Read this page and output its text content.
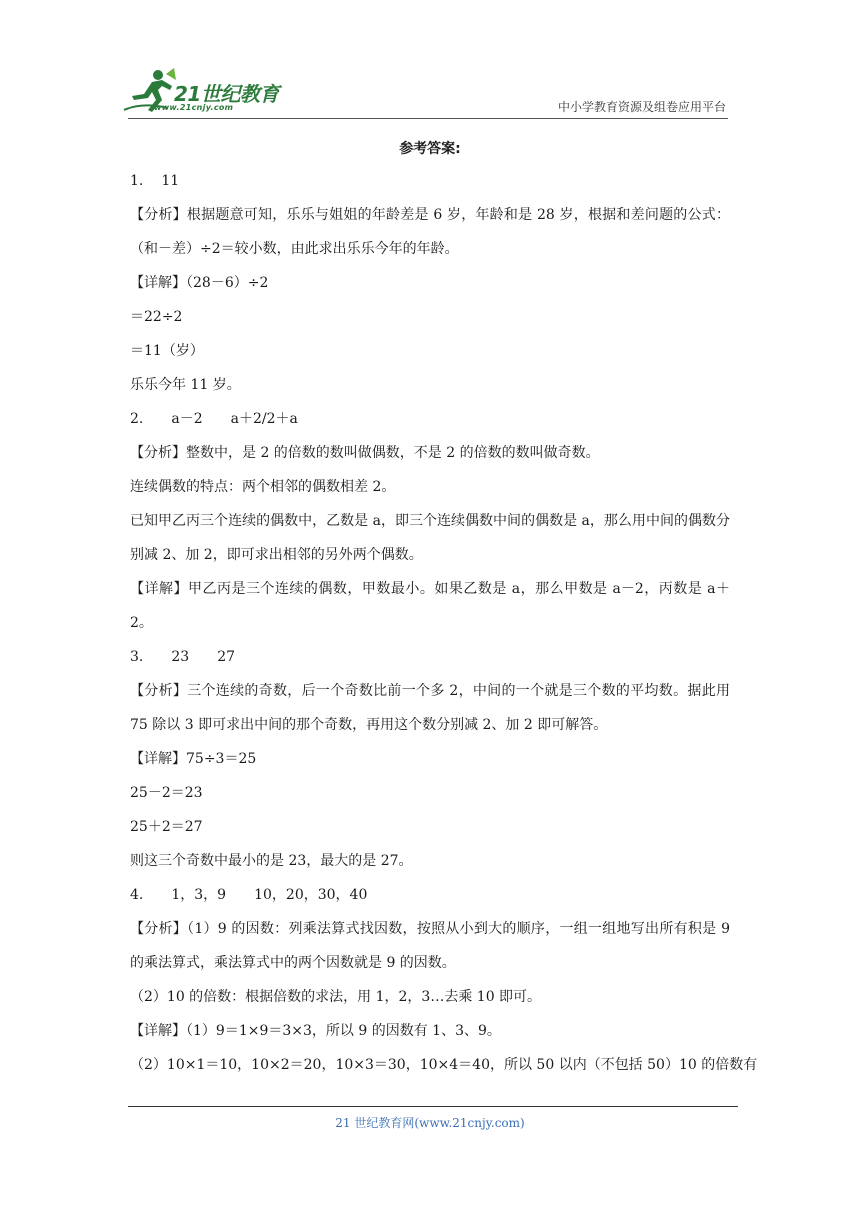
21世纪教育
www.21cnjy.com	中小学教育资源及组卷应用平台
参考答案:
1. 11
【分析】根据题意可知，乐乐与姐姐的年龄差是 6 岁，年龄和是 28 岁，根据和差问题的公式：（和－差）÷2＝较小数，由此求出乐乐今年的年龄。
【详解】（28－6）÷2
＝22÷2
＝11（岁）
乐乐今年 11 岁。
2. a－2 a＋2/2＋a
【分析】整数中，是 2 的倍数的数叫做偶数，不是 2 的倍数的数叫做奇数。
连续偶数的特点：两个相邻的偶数相差 2。
已知甲乙丙三个连续的偶数中，乙数是 a，即三个连续偶数中间的偶数是 a，那么用中间的偶数分别减 2、加 2，即可求出相邻的另外两个偶数。
【详解】甲乙丙是三个连续的偶数，甲数最小。如果乙数是 a，那么甲数是 a－2，丙数是 a＋2。
3. 23 27
【分析】三个连续的奇数，后一个奇数比前一个多 2，中间的一个就是三个数的平均数。据此用 75 除以 3 即可求出中间的那个奇数，再用这个数分别减 2、加 2 即可解答。
【详解】75÷3＝25
25－2＝23
25＋2＝27
则这三个奇数中最小的是 23，最大的是 27。
4. 1，3，9 10，20，30，40
【分析】（1）9 的因数：列乘法算式找因数，按照从小到大的顺序，一组一组地写出所有积是 9 的乘法算式，乘法算式中的两个因数就是 9 的因数。
（2）10 的倍数：根据倍数的求法，用 1，2，3…去乘 10 即可。
【详解】（1）9＝1×9＝3×3，所以 9 的因数有 1、3、9。
（2）10×1＝10，10×2＝20，10×3＝30，10×4＝40，所以 50 以内（不包括 50）10 的倍数有
21 世纪教育网(www.21cnjy.com)
